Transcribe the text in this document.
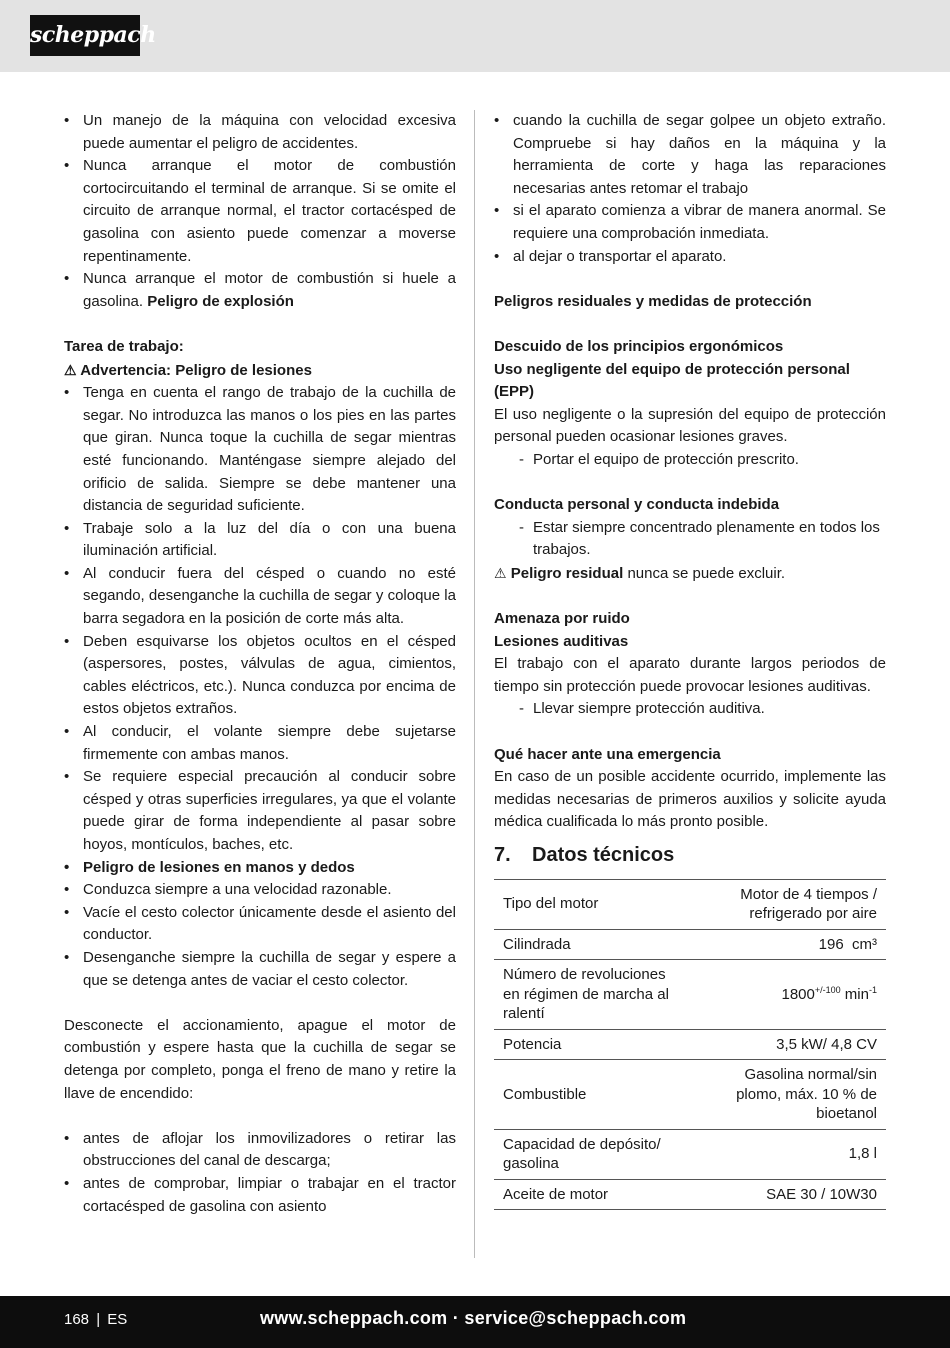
scheppach
• Un manejo de la máquina con velocidad excesiva puede aumentar el peligro de accidentes.
• Nunca arranque el motor de combustión cortocircuitando el terminal de arranque. Si se omite el circuito de arranque normal, el tractor cortacésped de gasolina con asiento puede comenzar a moverse repentinamente.
• Nunca arranque el motor de combustión si huele a gasolina. Peligro de explosión

Tarea de trabajo:

⚠ Advertencia: Peligro de lesiones

• Tenga en cuenta el rango de trabajo de la cuchilla de segar. No introduzca las manos o los pies en las partes que giran. Nunca toque la cuchilla de segar mientras esté funcionando. Manténgase siempre alejado del orificio de salida. Siempre se debe mantener una distancia de seguridad suficiente.
• Trabaje solo a la luz del día o con una buena iluminación artificial.
• Al conducir fuera del césped o cuando no esté segando, desenganche la cuchilla de segar y coloque la barra segadora en la posición de corte más alta.
• Deben esquivarse los objetos ocultos en el césped (aspersores, postes, válvulas de agua, cimientos, cables eléctricos, etc.). Nunca conduzca por encima de estos objetos extraños.
• Al conducir, el volante siempre debe sujetarse firmemente con ambas manos.
• Se requiere especial precaución al conducir sobre césped y otras superficies irregulares, ya que el volante puede girar de forma independiente al pasar sobre hoyos, montículos, baches, etc.
• Peligro de lesiones en manos y dedos
• Conduzca siempre a una velocidad razonable.
• Vacíe el cesto colector únicamente desde el asiento del conductor.
• Desenganche siempre la cuchilla de segar y espere a que se detenga antes de vaciar el cesto colector.

Desconecte el accionamiento, apague el motor de combustión y espere hasta que la cuchilla de segar se detenga por completo, ponga el freno de mano y retire la llave de encendido:

• antes de aflojar los inmovilizadores o retirar las obstrucciones del canal de descarga;
• antes de comprobar, limpiar o trabajar en el tractor cortacésped de gasolina con asiento
• cuando la cuchilla de segar golpee un objeto extraño. Compruebe si hay daños en la máquina y la herramienta de corte y haga las reparaciones necesarias antes retomar el trabajo
• si el aparato comienza a vibrar de manera anormal. Se requiere una comprobación inmediata.
• al dejar o transportar el aparato.

Peligros residuales y medidas de protección

Descuido de los principios ergonómicos

Uso negligente del equipo de protección personal (EPP)

El uso negligente o la supresión del equipo de protección personal pueden ocasionar lesiones graves.

- Portar el equipo de protección prescrito.

Conducta personal y conducta indebida

- Estar siempre concentrado plenamente en todos los trabajos.

⚠ Peligro residual nunca se puede excluir.

Amenaza por ruido

Lesiones auditivas

El trabajo con el aparato durante largos periodos de tiempo sin protección puede provocar lesiones auditivas.

- Llevar siempre protección auditiva.

Qué hacer ante una emergencia

En caso de un posible accidente ocurrido, implemente las medidas necesarias de primeros auxilios y solicite ayuda médica cualificada lo más pronto posible.

7. Datos técnicos
Tipo del motor	Motor de 4 tiempos / refrigerado por aire
Cilindrada	196  cm³
Número de revoluciones en régimen de marcha al ralentí	$1800^{+/-100}$ $\min^{-1}$
Potencia	3,5 kW/ 4,8 CV
Combustible	Gasolina normal/sin plomo, máx. 10 % de bioetanol
Capacidad de depósito/ gasolina	1,8 l
Aceite de motor	SAE 30 / 10W30
168 | ES	www.scheppach.com · service@scheppach.com
